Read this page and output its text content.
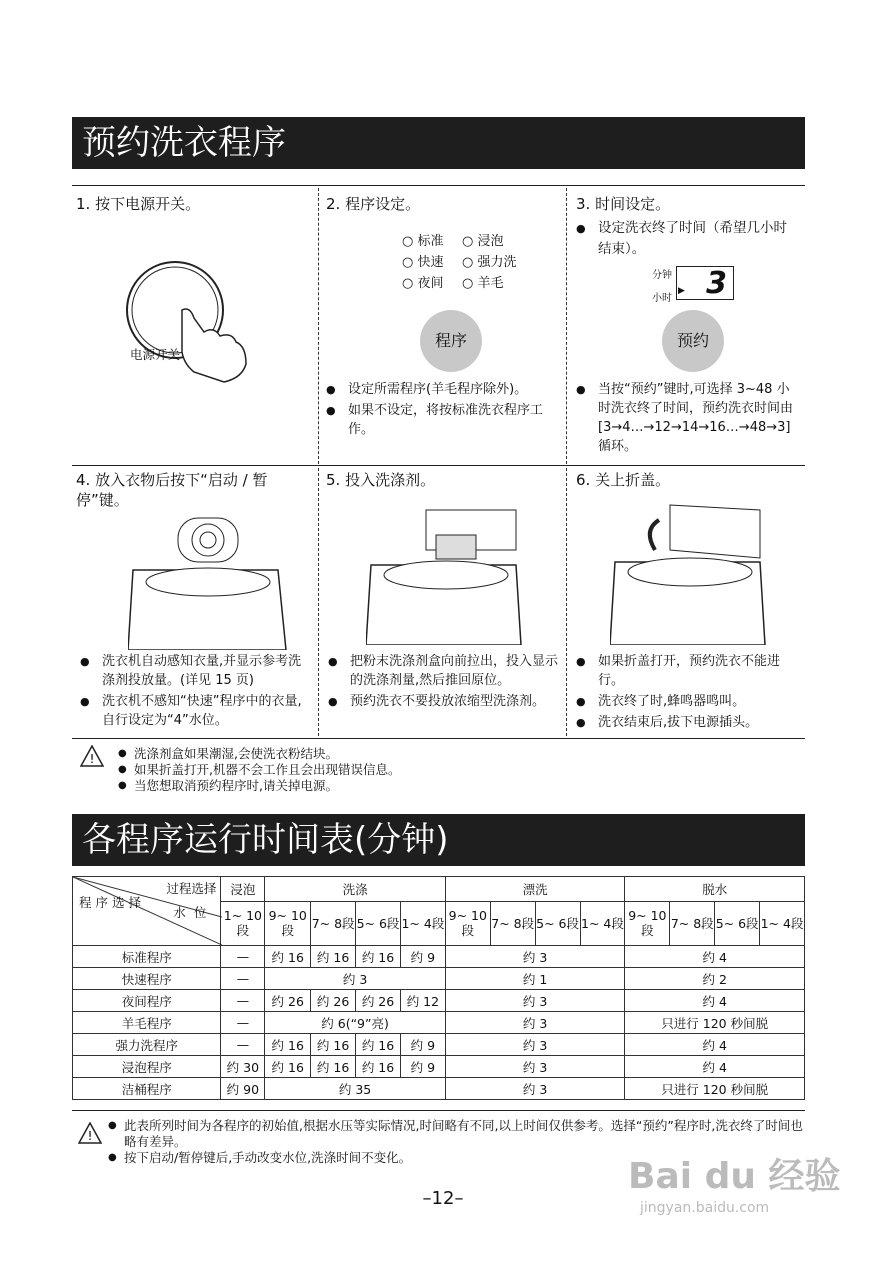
预约洗衣程序
1. 按下电源开关。
电源开关
2. 程序设定。
○ 标准 ○ 浸泡
○ 快速 ○ 强力洗
○ 夜间 ○ 羊毛
程序

● 设定所需程序(羊毛程序除外)。

● 如果不设定，将按标准洗衣程序工作。

3. 时间设定。

● 设定洗衣终了时间（希望几小时结束）。

分钟
小时	3
▶
预约

● 当按“预约”键时,可选择 3~48 小时洗衣终了时间，预约洗衣时间由 [3→4…→12→14→16…→48→3]循环。

4. 放入衣物后按下“启动 / 暂停”键。

● 洗衣机自动感知衣量,并显示参考洗涤剂投放量。(详见 15 页)

● 洗衣机不感知“快速”程序中的衣量,自行设定为“4”水位。

5. 投入洗涤剂。

● 把粉末洗涤剂盒向前拉出，投入显示的洗涤剂量,然后推回原位。

● 预约洗衣不要投放浓缩型洗涤剂。

6. 关上折盖。

● 如果折盖打开，预约洗衣不能进行。

● 洗衣终了时,蜂鸣器鸣叫。

● 洗衣结束后,拔下电源插头。

!	● 洗涤剂盒如果潮湿,会使洗衣粉结块。

● 如果折盖打开,机器不会工作且会出现错误信息。

● 当您想取消预约程序时,请关掉电源。

各程序运行时间表(分钟)
过程选择
水位
程序选择	浸泡	洗涤				漂洗				脱水			
	1~ 10段	9~ 10段	7~ 8段	5~ 6段	1~ 4段	9~ 10段	7~ 8段	5~ 6段	1~ 4段	9~ 10段	7~ 8段	5~ 6段	1~ 4段
标准程序	—	约 16	约 16	约 16	约 9	约 3				约 4			
快速程序	—	约 3				约 1				约 2			
夜间程序	—	约 26	约 26	约 26	约 12	约 3				约 4			
羊毛程序	—	约 6(“9”亮)				约 3				只进行 120 秒间脱			
强力洗程序	—	约 16	约 16	约 16	约 9	约 3				约 4			
浸泡程序	约 30	约 16	约 16	约 16	约 9	约 3				约 4			
洁桶程序	约 90	约 35				约 3				只进行 120 秒间脱			
!

● 此表所列时间为各程序的初始值,根据水压等实际情况,时间略有不同,以上时间仅供参考。选择“预约”程序时,洗衣终了时间也略有差异。

● 按下启动/暂停键后,手动改变水位,洗涤时间不变化。

–12–
Bai du 经验
jingyan.baidu.com
